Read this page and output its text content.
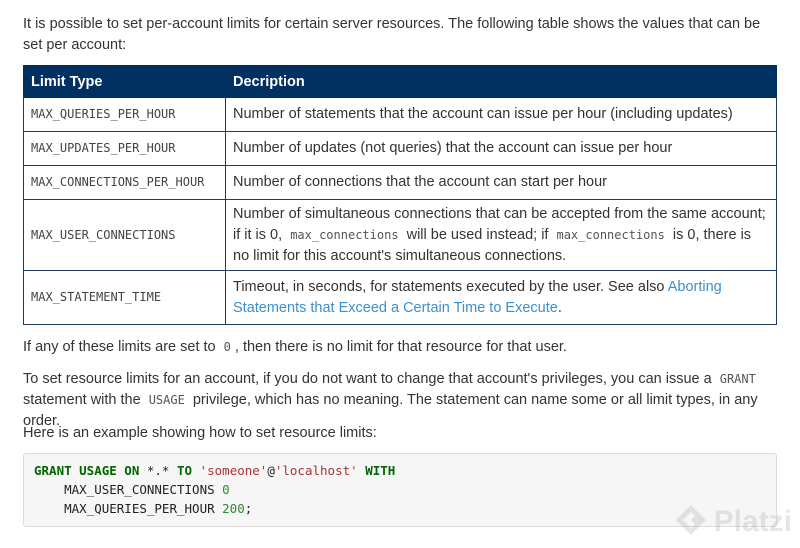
It is possible to set per-account limits for certain server resources. The following table shows the values that can be set per account:

Limit Type	Decription
MAX_QUERIES_PER_HOUR	Number of statements that the account can issue per hour (including updates)
MAX_UPDATES_PER_HOUR	Number of updates (not queries) that the account can issue per hour
MAX_CONNECTIONS_PER_HOUR	Number of connections that the account can start per hour
MAX_USER_CONNECTIONS	Number of simultaneous connections that can be accepted from the same account; if it is 0, max_connections will be used instead; if max_connections is 0, there is no limit for this account's simultaneous connections.
MAX_STATEMENT_TIME	Timeout, in seconds, for statements executed by the user. See also Aborting Statements that Exceed a Certain Time to Execute.

If any of these limits are set to 0 , then there is no limit for that resource for that user.

To set resource limits for an account, if you do not want to change that account's privileges, you can issue a GRANT statement with the USAGE privilege, which has no meaning. The statement can name some or all limit types, in any order.

Here is an example showing how to set resource limits:

GRANT USAGE ON *.* TO 'someone'@'localhost' WITH
MAX_USER_CONNECTIONS 0
MAX_QUERIES_PER_HOUR 200;	Platzi
